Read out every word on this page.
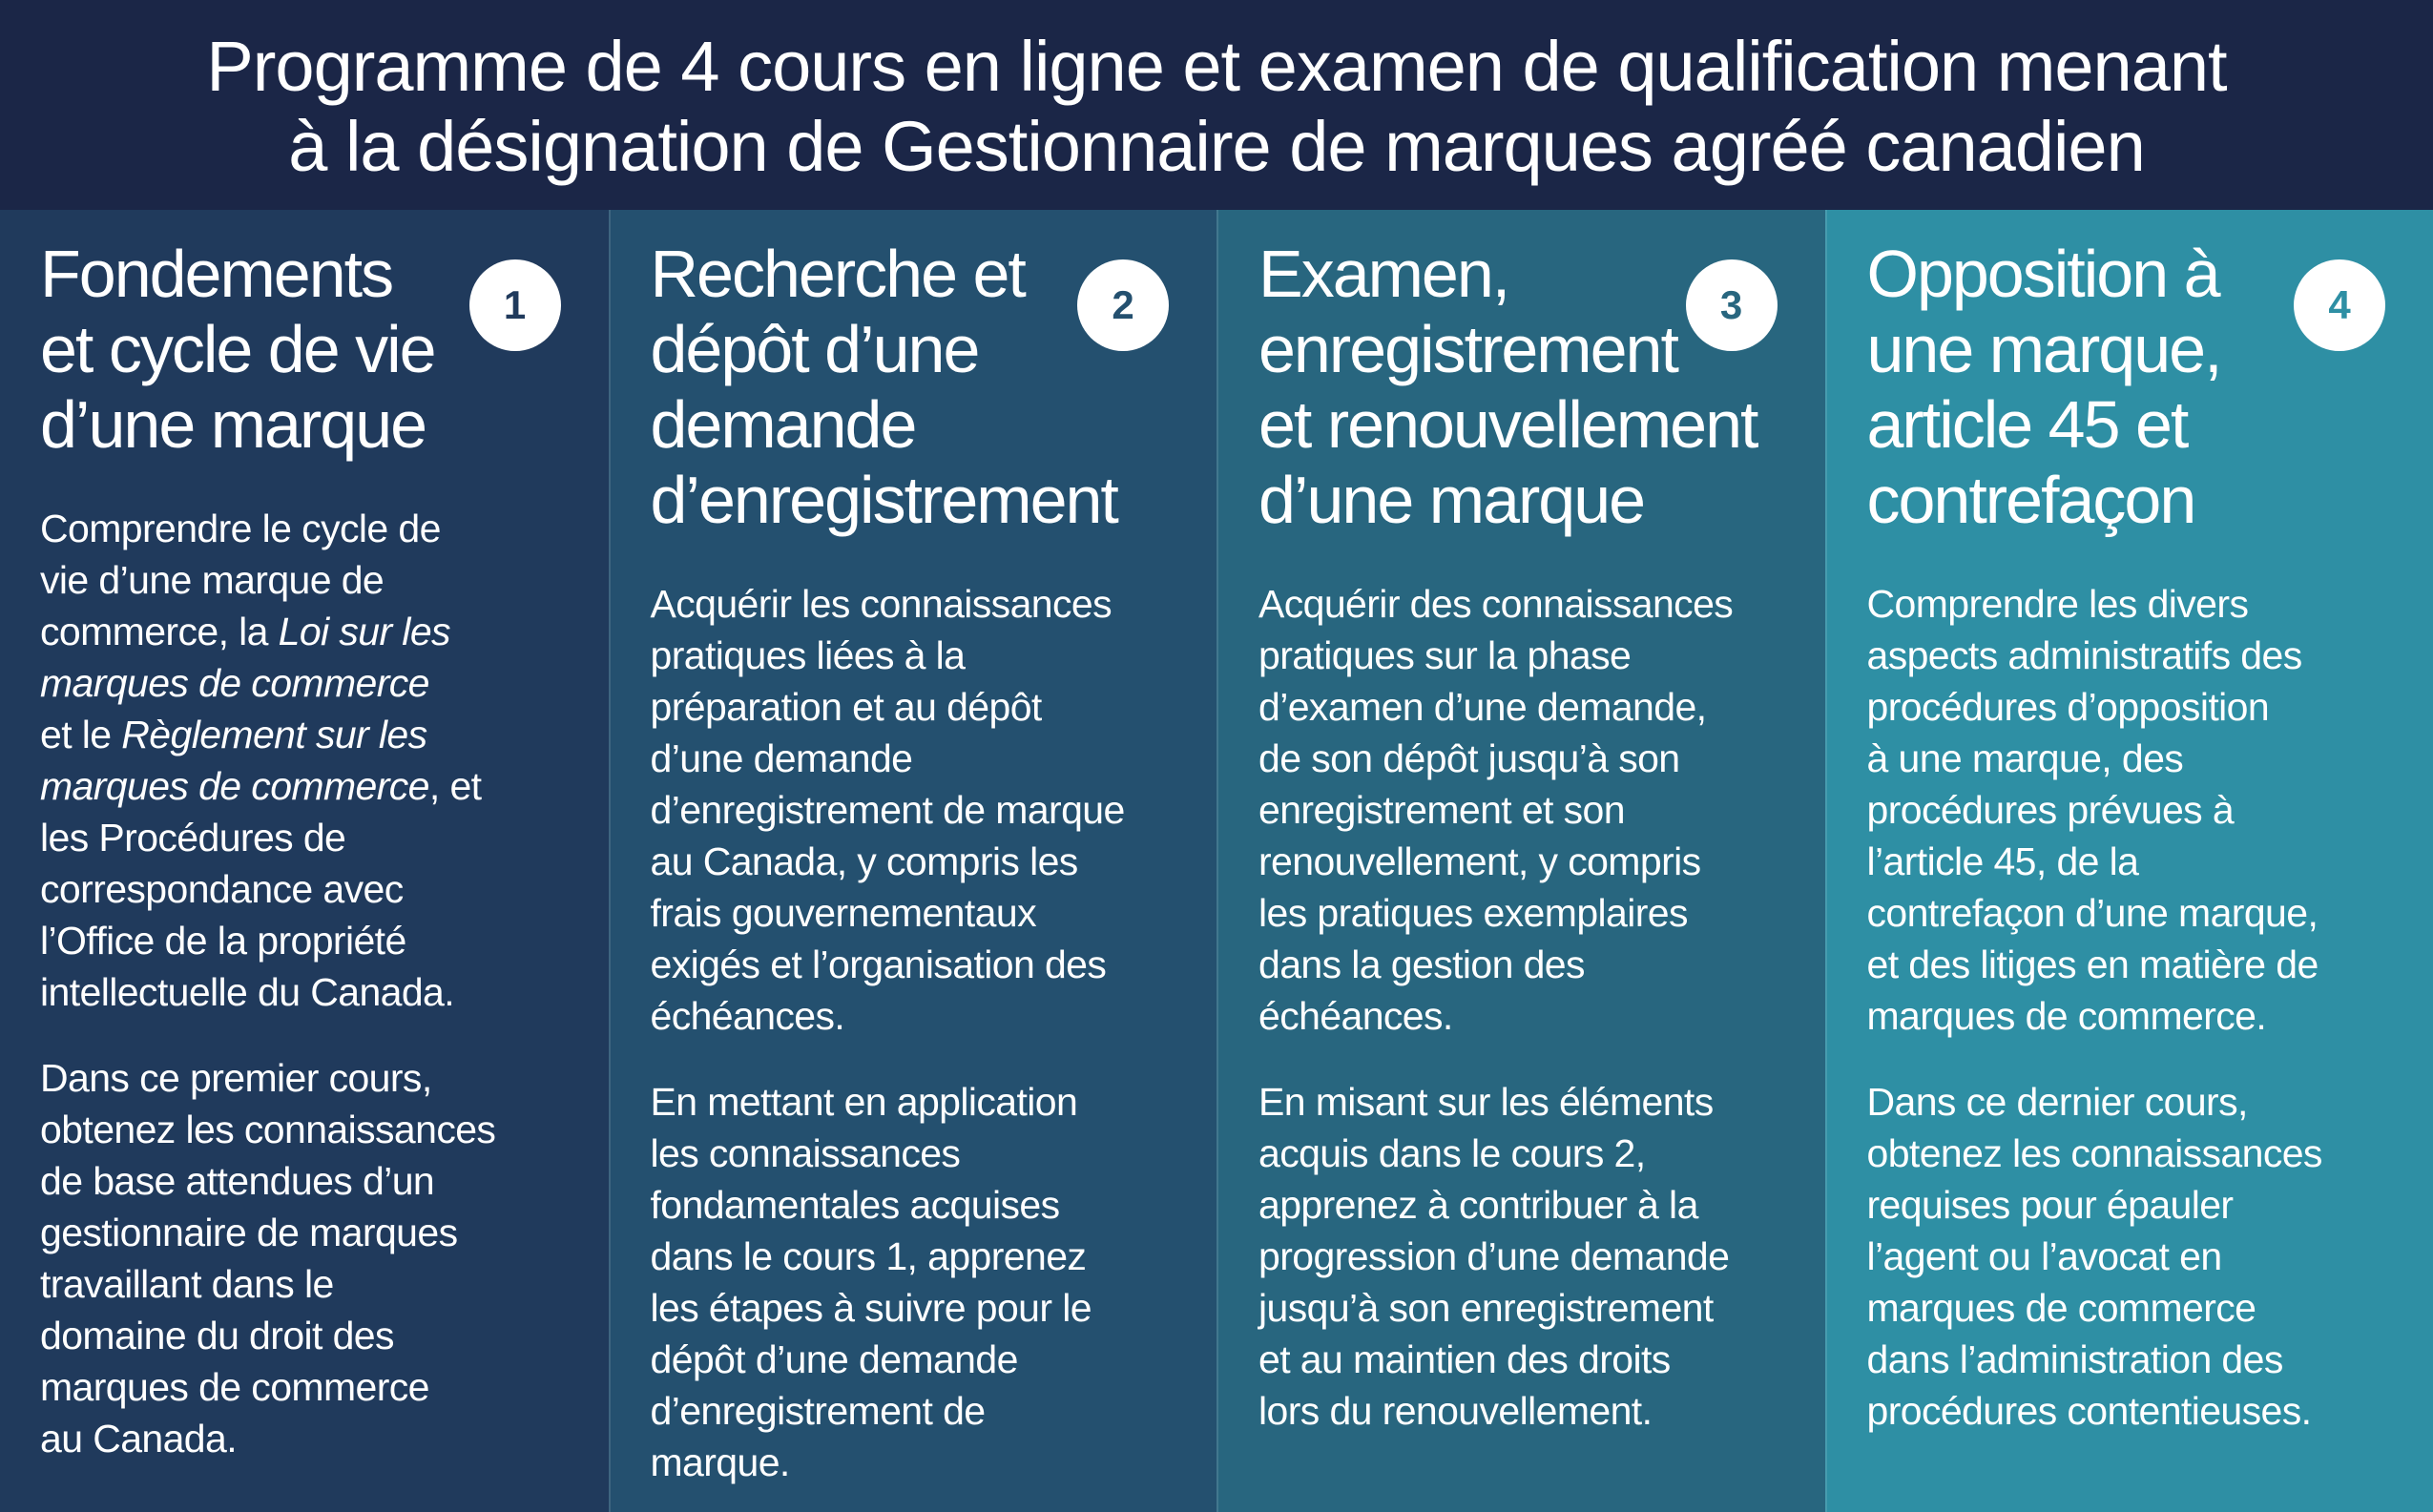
Programme de 4 cours en ligne et examen de qualification menant
à la désignation de Gestionnaire de marques agréé canadien
1
Fondements
et cycle de vie
d’une marque

Comprendre le cycle de
vie d’une marque de
commerce, la Loi sur les
marques de commerce
et le Règlement sur les
marques de commerce, et
les Procédures de
correspondance avec
l’Office de la propriété
intellectuelle du Canada.

Dans ce premier cours,
obtenez les connaissances
de base attendues d’un
gestionnaire de marques
travaillant dans le
domaine du droit des
marques de commerce
au Canada.

2
Recherche et
dépôt d’une
demande
d’enregistrement

Acquérir les connaissances
pratiques liées à la
préparation et au dépôt
d’une demande
d’enregistrement de marque
au Canada, y compris les
frais gouvernementaux
exigés et l’organisation des
échéances.

En mettant en application
les connaissances
fondamentales acquises
dans le cours 1, apprenez
les étapes à suivre pour le
dépôt d’une demande
d’enregistrement de
marque.

3
Examen,
enregistrement
et renouvellement
d’une marque

Acquérir des connaissances
pratiques sur la phase
d’examen d’une demande,
de son dépôt jusqu’à son
enregistrement et son
renouvellement, y compris
les pratiques exemplaires
dans la gestion des
échéances.

En misant sur les éléments
acquis dans le cours 2,
apprenez à contribuer à la
progression d’une demande
jusqu’à son enregistrement
et au maintien des droits
lors du renouvellement.

4
Opposition à
une marque,
article 45 et
contrefaçon

Comprendre les divers
aspects administratifs des
procédures d’opposition
à une marque, des
procédures prévues à
l’article 45, de la
contrefaçon d’une marque,
et des litiges en matière de
marques de commerce.

Dans ce dernier cours,
obtenez les connaissances
requises pour épauler
l’agent ou l’avocat en
marques de commerce
dans l’administration des
procédures contentieuses.
